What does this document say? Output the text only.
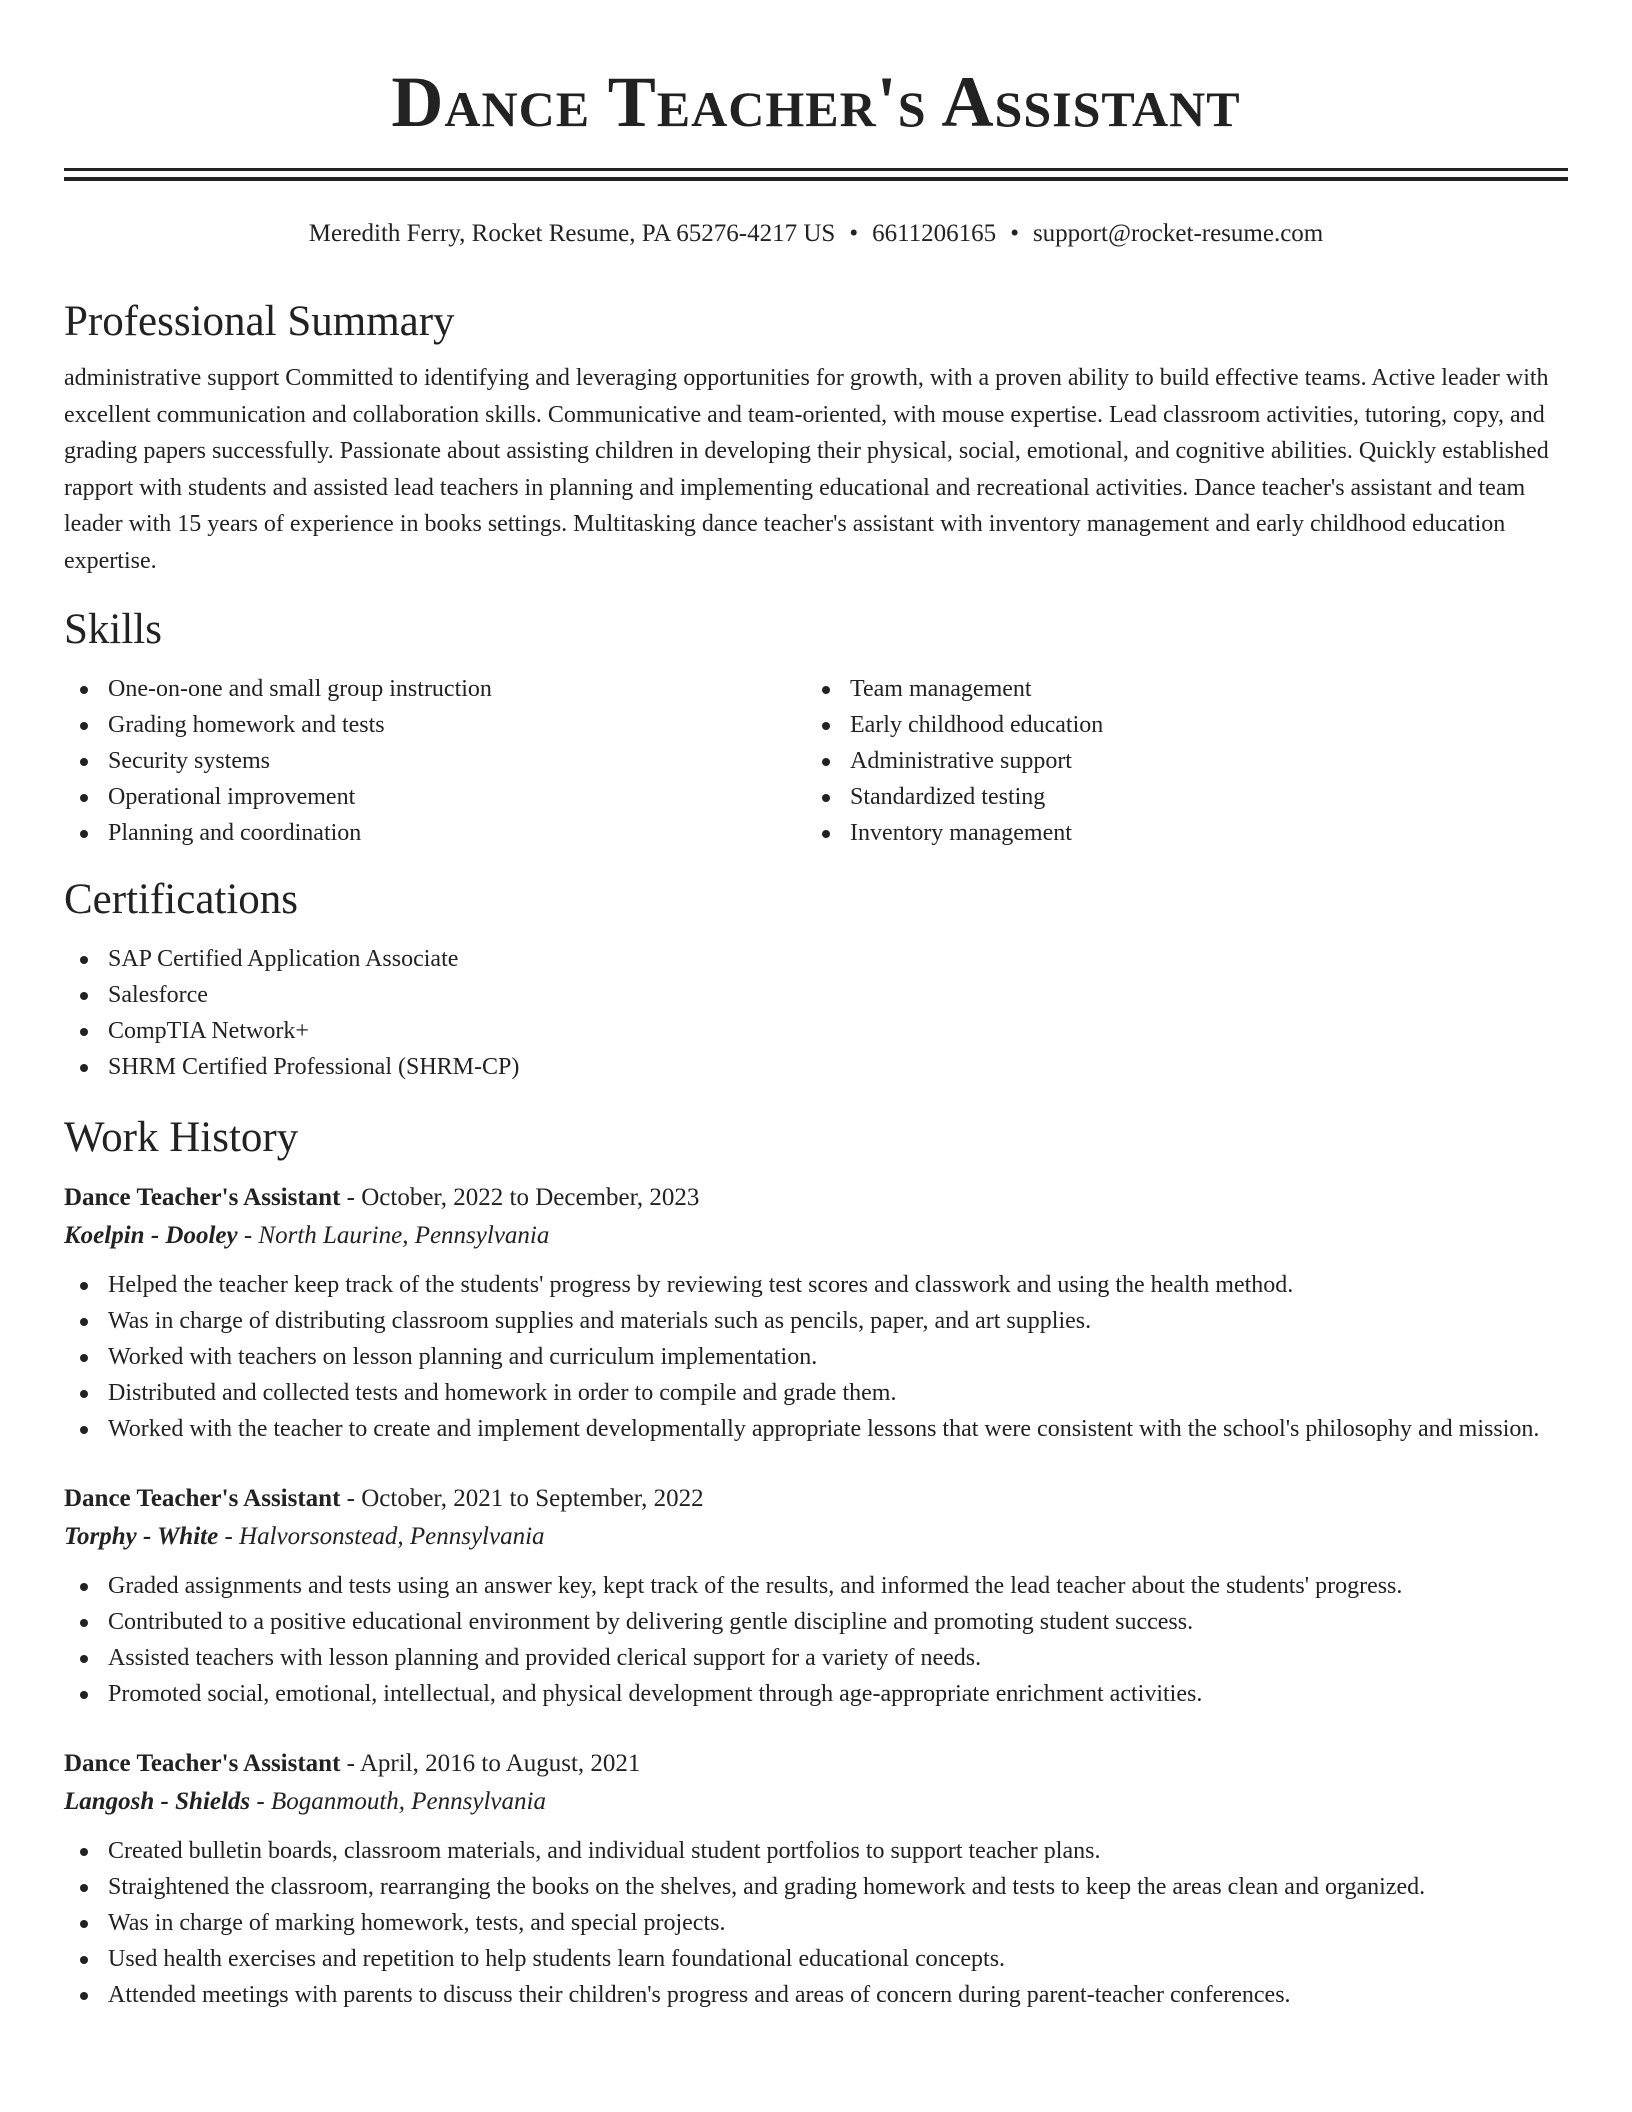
Dance Teacher's Assistant
Meredith Ferry, Rocket Resume, PA 65276-4217 US • 6611206165 • support@rocket-resume.com
Professional Summary

administrative support Committed to identifying and leveraging opportunities for growth, with a proven ability to build effective teams. Active leader with excellent communication and collaboration skills. Communicative and team-oriented, with mouse expertise. Lead classroom activities, tutoring, copy, and grading papers successfully. Passionate about assisting children in developing their physical, social, emotional, and cognitive abilities. Quickly established rapport with students and assisted lead teachers in planning and implementing educational and recreational activities. Dance teacher's assistant and team leader with 15 years of experience in books settings. Multitasking dance teacher's assistant with inventory management and early childhood education expertise.

Skills
One-on-one and small group instruction
Grading homework and tests
Security systems
Operational improvement
Planning and coordination
Team management
Early childhood education
Administrative support
Standardized testing
Inventory management
Certifications
SAP Certified Application Associate
Salesforce
CompTIA Network+
SHRM Certified Professional (SHRM-CP)
Work History
Dance Teacher's Assistant - October, 2022 to December, 2023
Koelpin - Dooley - North Laurine, Pennsylvania
Helped the teacher keep track of the students' progress by reviewing test scores and classwork and using the health method.
Was in charge of distributing classroom supplies and materials such as pencils, paper, and art supplies.
Worked with teachers on lesson planning and curriculum implementation.
Distributed and collected tests and homework in order to compile and grade them.
Worked with the teacher to create and implement developmentally appropriate lessons that were consistent with the school's philosophy and mission.
Dance Teacher's Assistant - October, 2021 to September, 2022
Torphy - White - Halvorsonstead, Pennsylvania
Graded assignments and tests using an answer key, kept track of the results, and informed the lead teacher about the students' progress.
Contributed to a positive educational environment by delivering gentle discipline and promoting student success.
Assisted teachers with lesson planning and provided clerical support for a variety of needs.
Promoted social, emotional, intellectual, and physical development through age-appropriate enrichment activities.
Dance Teacher's Assistant - April, 2016 to August, 2021
Langosh - Shields - Boganmouth, Pennsylvania
Created bulletin boards, classroom materials, and individual student portfolios to support teacher plans.
Straightened the classroom, rearranging the books on the shelves, and grading homework and tests to keep the areas clean and organized.
Was in charge of marking homework, tests, and special projects.
Used health exercises and repetition to help students learn foundational educational concepts.
Attended meetings with parents to discuss their children's progress and areas of concern during parent-teacher conferences.
